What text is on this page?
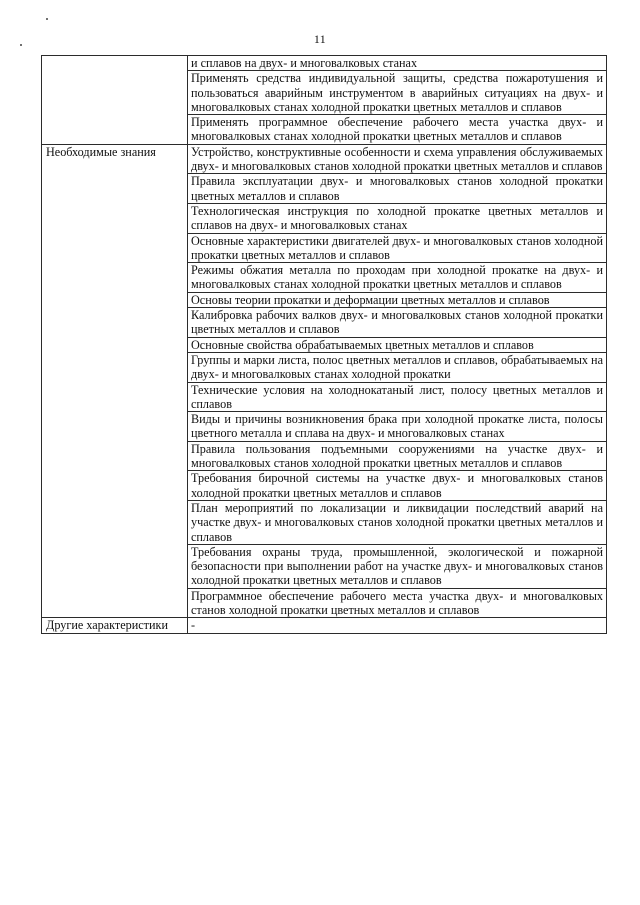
11

	и сплавов на двух- и многовалковых станах

	Применять средства индивидуальной защиты, средства пожаротушения и пользоваться аварийным инструментом в аварийных ситуациях на двух- и многовалковых станах холодной прокатки цветных металлов и сплавов

	Применять программное обеспечение рабочего места участка двух- и многовалковых станах холодной прокатки цветных металлов и сплавов

Необходимые знания	Устройство, конструктивные особенности и схема управления обслуживаемых двух- и многовалковых станов холодной прокатки цветных металлов и сплавов

	Правила эксплуатации двух- и многовалковых станов холодной прокатки цветных металлов и сплавов

	Технологическая инструкция по холодной прокатке цветных металлов и сплавов на двух- и многовалковых станах

	Основные характеристики двигателей двух- и многовалковых станов холодной прокатки цветных металлов и сплавов

	Режимы обжатия металла по проходам при холодной прокатке на двух- и многовалковых станах холодной прокатки цветных металлов и сплавов

	Основы теории прокатки и деформации цветных металлов и сплавов

	Калибровка рабочих валков двух- и многовалковых станов холодной прокатки цветных металлов и сплавов

	Основные свойства обрабатываемых цветных металлов и сплавов

	Группы и марки листа, полос цветных металлов и сплавов, обрабатываемых на двух- и многовалковых станах холодной прокатки

	Технические условия на холоднокатаный лист, полосу цветных металлов и сплавов

	Виды и причины возникновения брака при холодной прокатке листа, полосы цветного металла и сплава на двух- и многовалковых станах

	Правила пользования подъемными сооружениями на участке двух- и многовалковых станов холодной прокатки цветных металлов и сплавов

	Требования бирочной системы на участке двух- и многовалковых станов холодной прокатки цветных металлов и сплавов

	План мероприятий по локализации и ликвидации последствий аварий на участке двух- и многовалковых станов холодной прокатки цветных металлов и сплавов

	Требования охраны труда, промышленной, экологической и пожарной безопасности при выполнении работ на участке двух- и многовалковых станов холодной прокатки цветных металлов и сплавов

	Программное обеспечение рабочего места участка двух- и многовалковых станов холодной прокатки цветных металлов и сплавов

Другие характеристики	-
